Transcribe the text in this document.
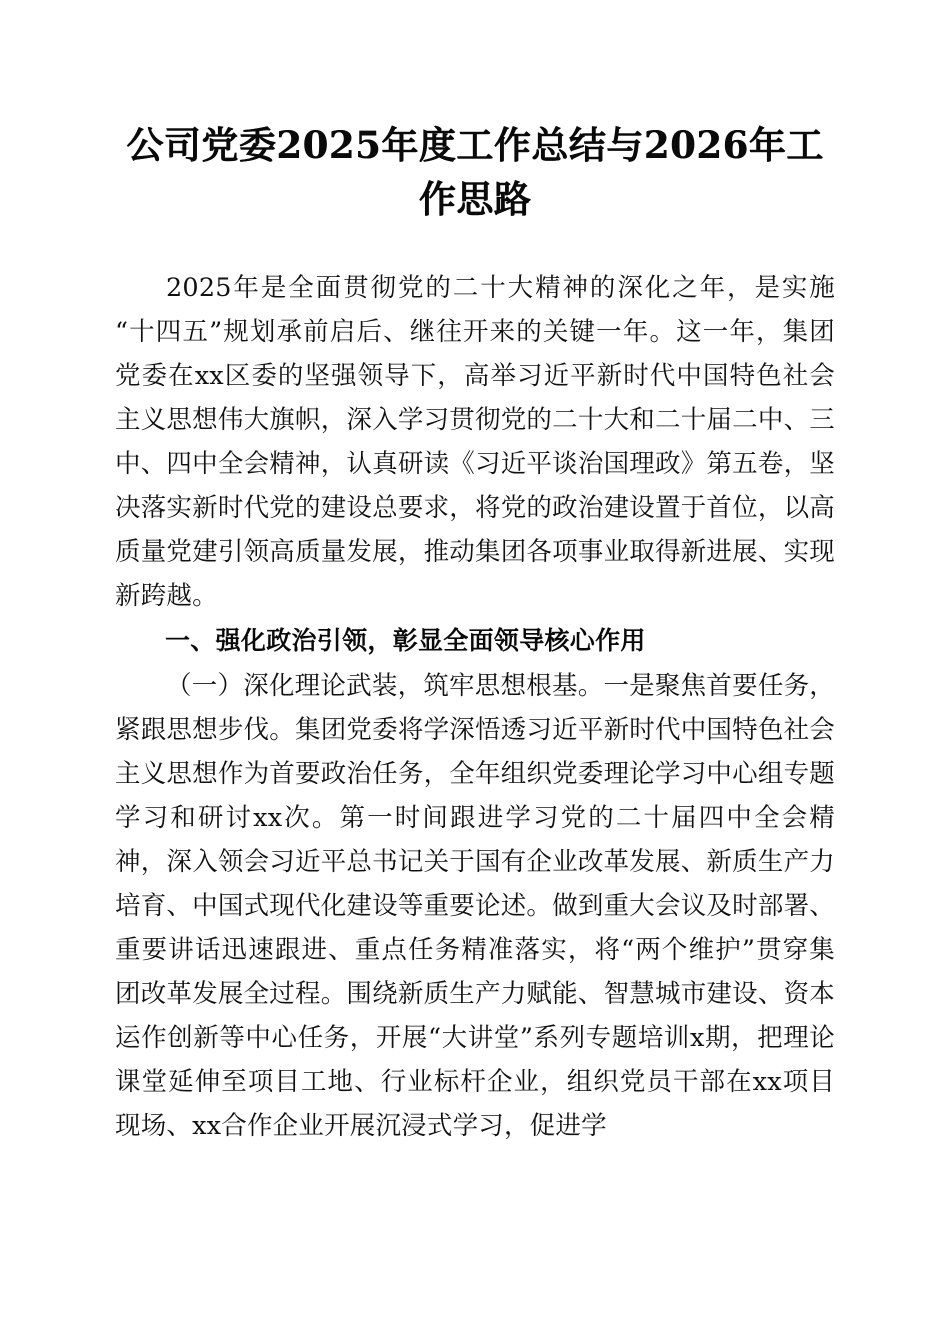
公司党委2025年度工作总结与2026年工作思路

2025年是全面贯彻党的二十大精神的深化之年，是实施“十四五”规划承前启后、继往开来的关键一年。这一年，集团党委在xx区委的坚强领导下，高举习近平新时代中国特色社会主义思想伟大旗帜，深入学习贯彻党的二十大和二十届二中、三中、四中全会精神，认真研读《习近平谈治国理政》第五卷，坚决落实新时代党的建设总要求，将党的政治建设置于首位，以高质量党建引领高质量发展，推动集团各项事业取得新进展、实现新跨越。

一、强化政治引领，彰显全面领导核心作用

（一）深化理论武装，筑牢思想根基。一是聚焦首要任务，紧跟思想步伐。集团党委将学深悟透习近平新时代中国特色社会主义思想作为首要政治任务，全年组织党委理论学习中心组专题学习和研讨xx次。第一时间跟进学习党的二十届四中全会精神，深入领会习近平总书记关于国有企业改革发展、新质生产力培育、中国式现代化建设等重要论述。做到重大会议及时部署、重要讲话迅速跟进、重点任务精准落实，将“两个维护”贯穿集团改革发展全过程。围绕新质生产力赋能、智慧城市建设、资本运作创新等中心任务，开展“大讲堂”系列专题培训x期，把理论课堂延伸至项目工地、行业标杆企业，组织党员干部在xx项目现场、xx合作企业开展沉浸式学习，促进学
